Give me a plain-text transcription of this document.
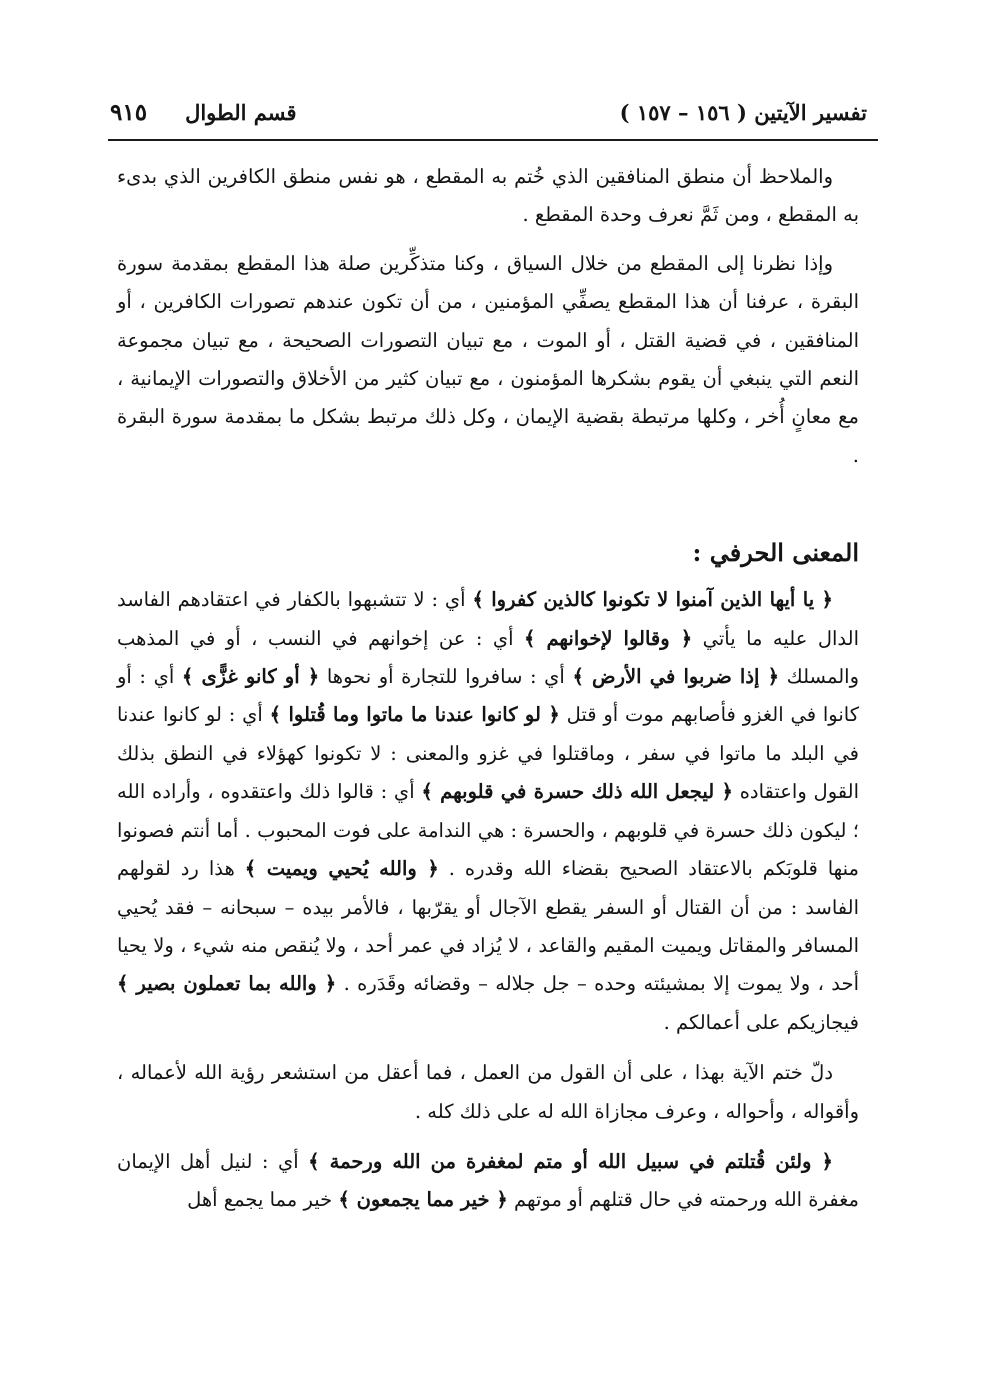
تفسير الآيتين ( ١٥٦ – ١٥٧ )
قسم الطوال
٩١٥

والملاحظ أن منطق المنافقين الذي خُتم به المقطع ، هو نفس منطق الكافرين الذي بدىء به المقطع ، ومن ثَمَّ نعرف وحدة المقطع .

وإذا نظرنا إلى المقطع من خلال السياق ، وكنا متذكِّرين صلة هذا المقطع بمقدمة سورة البقرة ، عرفنا أن هذا المقطع يصفِّي المؤمنين ، من أن تكون عندهم تصورات الكافرين ، أو المنافقين ، في قضية القتل ، أو الموت ، مع تبيان التصورات الصحيحة ، مع تبيان مجموعة النعم التي ينبغي أن يقوم بشكرها المؤمنون ، مع تبيان كثير من الأخلاق والتصورات الإيمانية ، مع معانٍ أُخر ، وكلها مرتبطة بقضية الإيمان ، وكل ذلك مرتبط بشكل ما بمقدمة سورة البقرة .

المعنى الحرفي :

﴿ يا أيها الذين آمنوا لا تكونوا كالذين كفروا ﴾ أي : لا تتشبهوا بالكفار في اعتقادهم الفاسد الدال عليه ما يأتي ﴿ وقالوا لإخوانهم ﴾ أي : عن إخوانهم في النسب ، أو في المذهب والمسلك ﴿ إذا ضربوا في الأرض ﴾ أي : سافروا للتجارة أو نحوها ﴿ أو كانو غزًّى ﴾ أي : أو كانوا في الغزو فأصابهم موت أو قتل ﴿ لو كانوا عندنا ما ماتوا وما قُتلوا ﴾ أي : لو كانوا عندنا في البلد ما ماتوا في سفر ، وماقتلوا في غزو والمعنى : لا تكونوا كهؤلاء في النطق بذلك القول واعتقاده ﴿ ليجعل الله ذلك حسرة في قلوبهم ﴾ أي : قالوا ذلك واعتقدوه ، وأراده الله ؛ ليكون ذلك حسرة في قلوبهم ، والحسرة : هي الندامة على فوت المحبوب . أما أنتم فصونوا منها قلوبَكم بالاعتقاد الصحيح بقضاء الله وقدره . ﴿ والله يُحيي ويميت ﴾ هذا رد لقولهم الفاسد : من أن القتال أو السفر يقطع الآجال أو يقرّبها ، فالأمر بيده – سبحانه – فقد يُحيي المسافر والمقاتل ويميت المقيم والقاعد ، لا يُزاد في عمر أحد ، ولا يُنقص منه شيء ، ولا يحيا أحد ، ولا يموت إلا بمشيئته وحده – جل جلاله – وقضائه وقَدَره . ﴿ والله بما تعملون بصير ﴾ فيجازيكم على أعمالكم .

دلّ ختم الآية بهذا ، على أن القول من العمل ، فما أعقل من استشعر رؤية الله لأعماله ، وأقواله ، وأحواله ، وعرف مجازاة الله له على ذلك كله .

﴿ ولئن قُتلتم في سبيل الله أو متم لمغفرة من الله ورحمة ﴾ أي : لنيل أهل الإيمان مغفرة الله ورحمته في حال قتلهم أو موتهم ﴿ خير مما يجمعون ﴾ خير مما يجمع أهل
